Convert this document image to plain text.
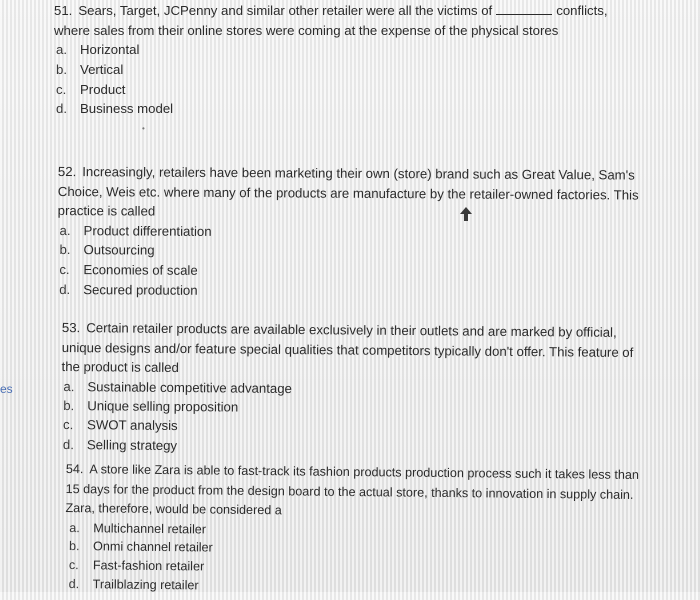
es

51. Sears, Target, JCPenny and similar other retailer were all the victims of	conflicts,
where sales from their online stores were coming at the expense of the physical stores

a. Horizontal
b. Vertical
c.	Product
d. Business model
•

52. Increasingly, retailers have been marketing their own (store) brand such as Great Value, Sam's Choice, Weis etc. where many of the products are manufacture by the retailer-owned factories. This practice is called

a. Product differentiation
b. Outsourcing
c.	Economies of scale
d. Secured production

53. Certain retailer products are available exclusively in their outlets and are marked by official, unique designs and/or feature special qualities that competitors typically don't offer. This feature of the product is called

a. Sustainable competitive advantage
b. Unique selling proposition
c.	SWOT analysis
d. Selling strategy

54. A store like Zara is able to fast-track its fashion products production process such it takes less than 15 days for the product from the design board to the actual store, thanks to innovation in supply chain. Zara, therefore, would be considered a

a.	Multichannel retailer
b.	Onmi channel retailer
c.	Fast-fashion retailer
d.	Trailblazing retailer
